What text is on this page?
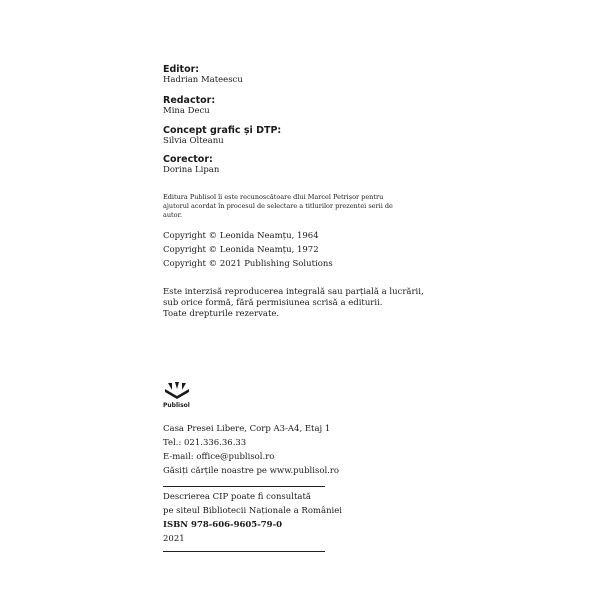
Editor:
Hadrian Mateescu
Redactor:
Mina Decu
Concept grafic și DTP:
Silvia Olteanu
Corector:
Dorina Lipan
Editura Publisol îi este recunoscătoare dlui Marcel Petrișor pentru ajutorul acordat în procesul de selectare a titlurilor prezentei serii de autor.
Copyright © Leonida Neamțu, 1964
Copyright © Leonida Neamțu, 1972
Copyright © 2021 Publishing Solutions
Este interzisă reproducerea integrală sau parțială a lucrării,
sub orice formă, fără permisiunea scrisă a editurii.
Toate drepturile rezervate.
Publisol
Casa Presei Libere, Corp A3-A4, Etaj 1
Tel.: 021.336.36.33
E-mail: office@publisol.ro
Găsiți cărțile noastre pe www.publisol.ro
Descrierea CIP poate fi consultată
pe siteul Bibliotecii Naționale a României
ISBN 978-606-9605-79-0
2021
